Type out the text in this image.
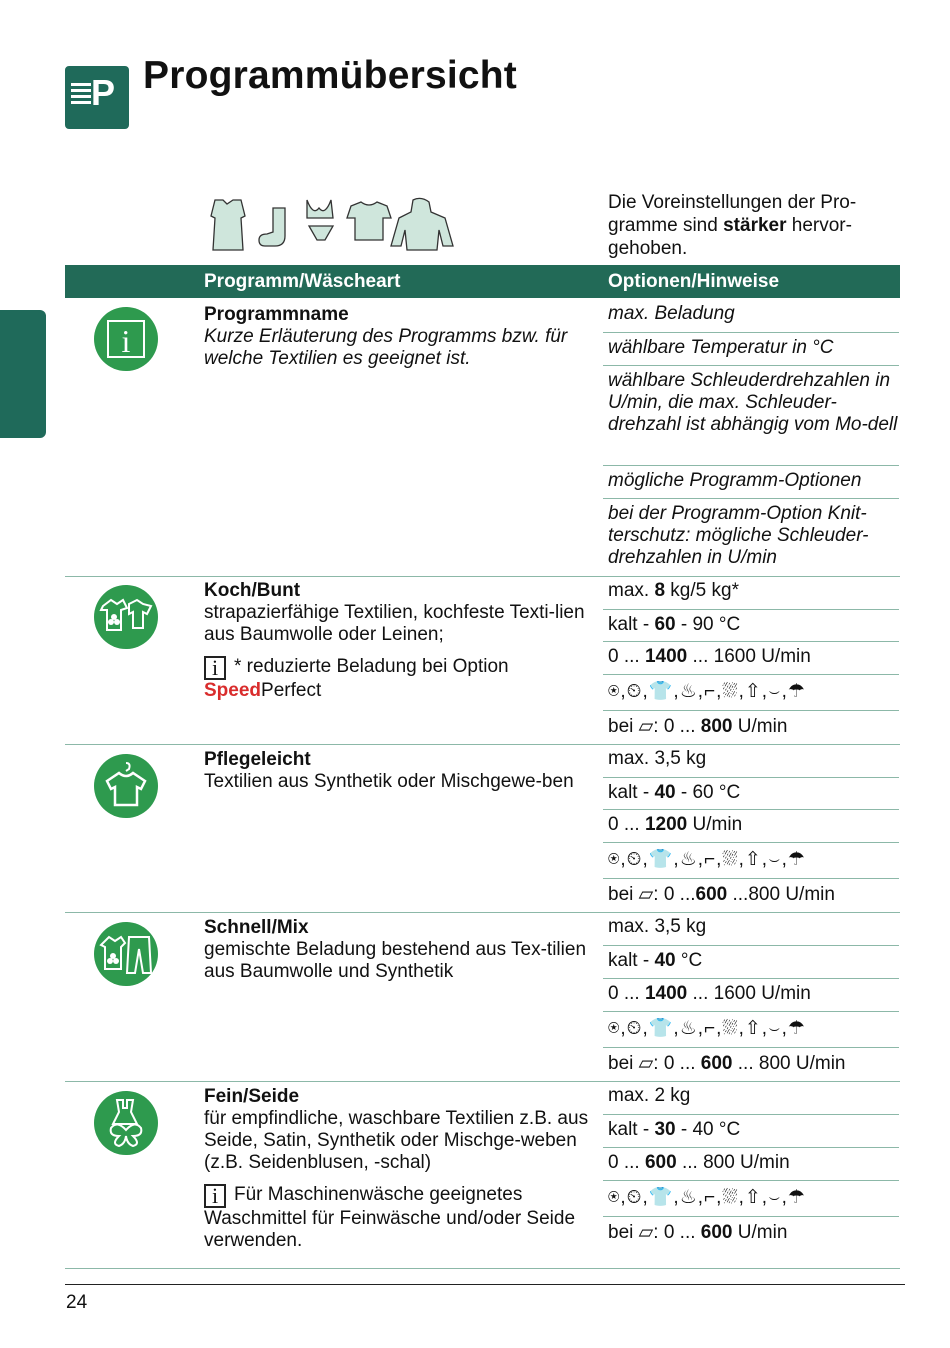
P Programmübersicht
Die Voreinstellungen der Pro-gramme sind stärker hervor-gehoben.
Programm/Wäscheart	Optionen/Hinweise
i
Programmname
Kurze Erläuterung des Programms bzw. für welche Textilien es geeignet ist.
max. Beladung
wählbare Temperatur in °C
wählbare Schleuderdrehzahlen in U/min, die max. Schleuder-drehzahl ist abhängig vom Mo-dell
mögliche Programm-Optionen
bei der Programm-Option Knit-terschutz: mögliche Schleuder-drehzahlen in U/min
Koch/Bunt
strapazierfähige Textilien, kochfeste Texti-lien aus Baumwolle oder Leinen;
i * reduzierte Beladung bei Option SpeedPerfect
max. 8 kg/5 kg*
kalt - 60 - 90 °C
0 ... 1400 ... 1600 U/min
⍟,⏲,👕,♨,⌐,⛆,⇧,⌣,☂
bei ▱: 0 ... 800 U/min
Pflegeleicht
Textilien aus Synthetik oder Mischgewe-ben
max. 3,5 kg
kalt - 40 - 60 °C
0 ... 1200 U/min
⍟,⏲,👕,♨,⌐,⛆,⇧,⌣,☂
bei ▱: 0 ...600 ...800 U/min
Schnell/Mix
gemischte Beladung bestehend aus Tex-tilien aus Baumwolle und Synthetik
max. 3,5 kg
kalt - 40 °C
0 ... 1400 ... 1600 U/min
⍟,⏲,👕,♨,⌐,⛆,⇧,⌣,☂
bei ▱: 0 ... 600 ... 800 U/min
Fein/Seide
für empfindliche, waschbare Textilien z.B. aus Seide, Satin, Synthetik oder Mischge-weben (z.B. Seidenblusen, -schal)
i Für Maschinenwäsche geeignetes Waschmittel für Feinwäsche und/oder Seide verwenden.
max. 2 kg
kalt - 30 - 40 °C
0 ... 600 ... 800 U/min
⍟,⏲,👕,♨,⌐,⛆,⇧,⌣,☂
bei ▱: 0 ... 600 U/min
24
